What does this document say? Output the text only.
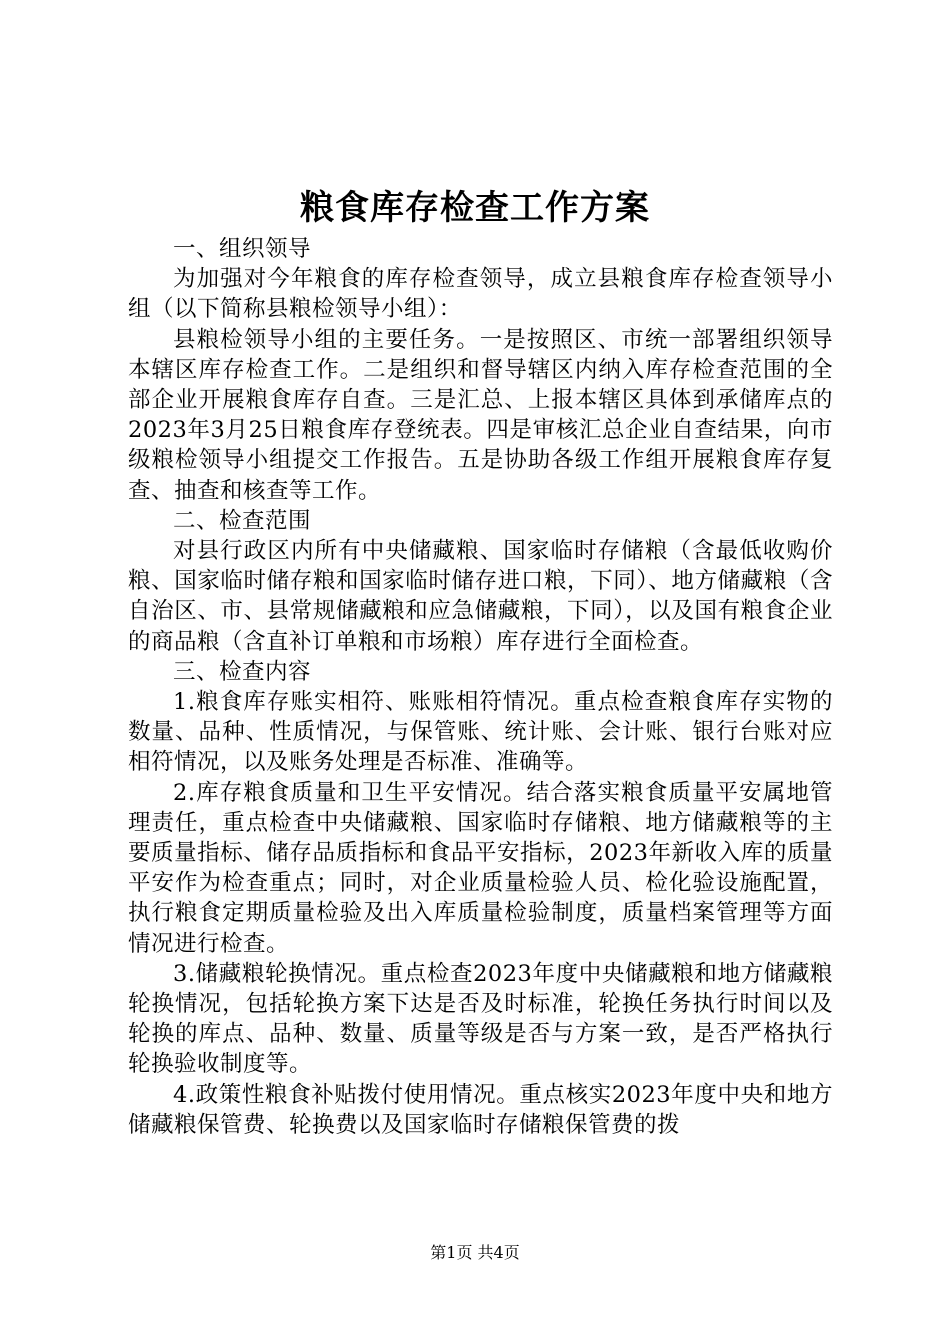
粮食库存检查工作方案

一、组织领导

为加强对今年粮食的库存检查领导，成立县粮食库存检查领导小组（以下简称县粮检领导小组）：

县粮检领导小组的主要任务。一是按照区、市统一部署组织领导本辖区库存检查工作。二是组织和督导辖区内纳入库存检查范围的全部企业开展粮食库存自查。三是汇总、上报本辖区具体到承储库点的2023年3月25日粮食库存登统表。四是审核汇总企业自查结果，向市级粮检领导小组提交工作报告。五是协助各级工作组开展粮食库存复查、抽查和核查等工作。

二、检查范围

对县行政区内所有中央储藏粮、国家临时存储粮（含最低收购价粮、国家临时储存粮和国家临时储存进口粮，下同）、地方储藏粮（含自治区、市、县常规储藏粮和应急储藏粮，下同），以及国有粮食企业的商品粮（含直补订单粮和市场粮）库存进行全面检查。

三、检查内容

1.粮食库存账实相符、账账相符情况。重点检查粮食库存实物的数量、品种、性质情况，与保管账、统计账、会计账、银行台账对应相符情况，以及账务处理是否标准、准确等。

2.库存粮食质量和卫生平安情况。结合落实粮食质量平安属地管理责任，重点检查中央储藏粮、国家临时存储粮、地方储藏粮等的主要质量指标、储存品质指标和食品平安指标，2023年新收入库的质量平安作为检查重点；同时，对企业质量检验人员、检化验设施配置，执行粮食定期质量检验及出入库质量检验制度，质量档案管理等方面情况进行检查。

3.储藏粮轮换情况。重点检查2023年度中央储藏粮和地方储藏粮轮换情况，包括轮换方案下达是否及时标准，轮换任务执行时间以及轮换的库点、品种、数量、质量等级是否与方案一致，是否严格执行轮换验收制度等。

4.政策性粮食补贴拨付使用情况。重点核实2023年度中央和地方储藏粮保管费、轮换费以及国家临时存储粮保管费的拨

第1页 共4页
